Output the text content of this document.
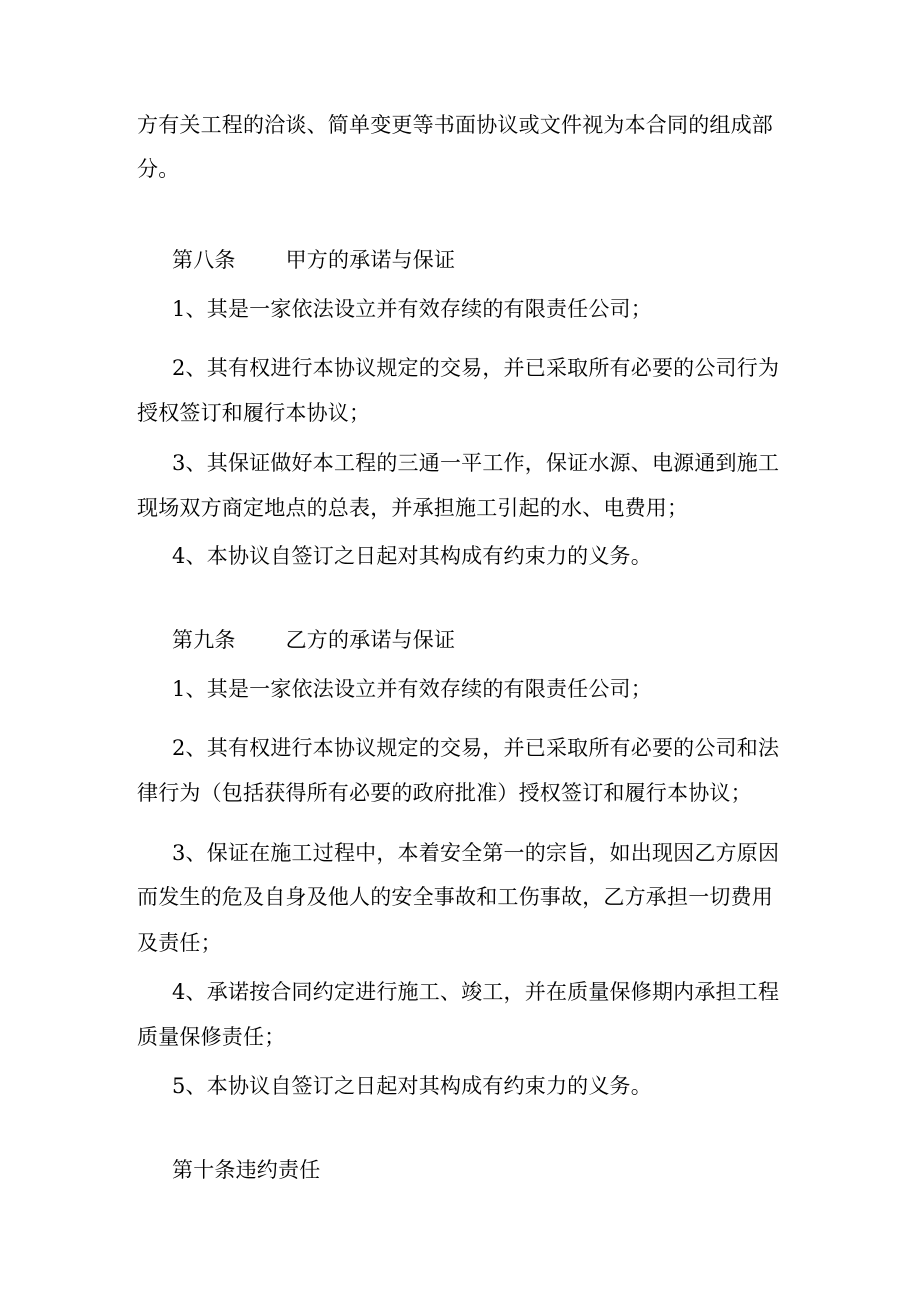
方有关工程的洽谈、简单变更等书面协议或文件视为本合同的组成部
分。
第八条 甲方的承诺与保证
1、其是一家依法设立并有效存续的有限责任公司；
2、其有权进行本协议规定的交易，并已采取所有必要的公司行为
授权签订和履行本协议；
3、其保证做好本工程的三通一平工作，保证水源、电源通到施工
现场双方商定地点的总表，并承担施工引起的水、电费用；
4、本协议自签订之日起对其构成有约束力的义务。
第九条 乙方的承诺与保证
1、其是一家依法设立并有效存续的有限责任公司；
2、其有权进行本协议规定的交易，并已采取所有必要的公司和法
律行为（包括获得所有必要的政府批准）授权签订和履行本协议；
3、保证在施工过程中，本着安全第一的宗旨，如出现因乙方原因
而发生的危及自身及他人的安全事故和工伤事故，乙方承担一切费用
及责任；
4、承诺按合同约定进行施工、竣工，并在质量保修期内承担工程
质量保修责任；
5、本协议自签订之日起对其构成有约束力的义务。
第十条违约责任
